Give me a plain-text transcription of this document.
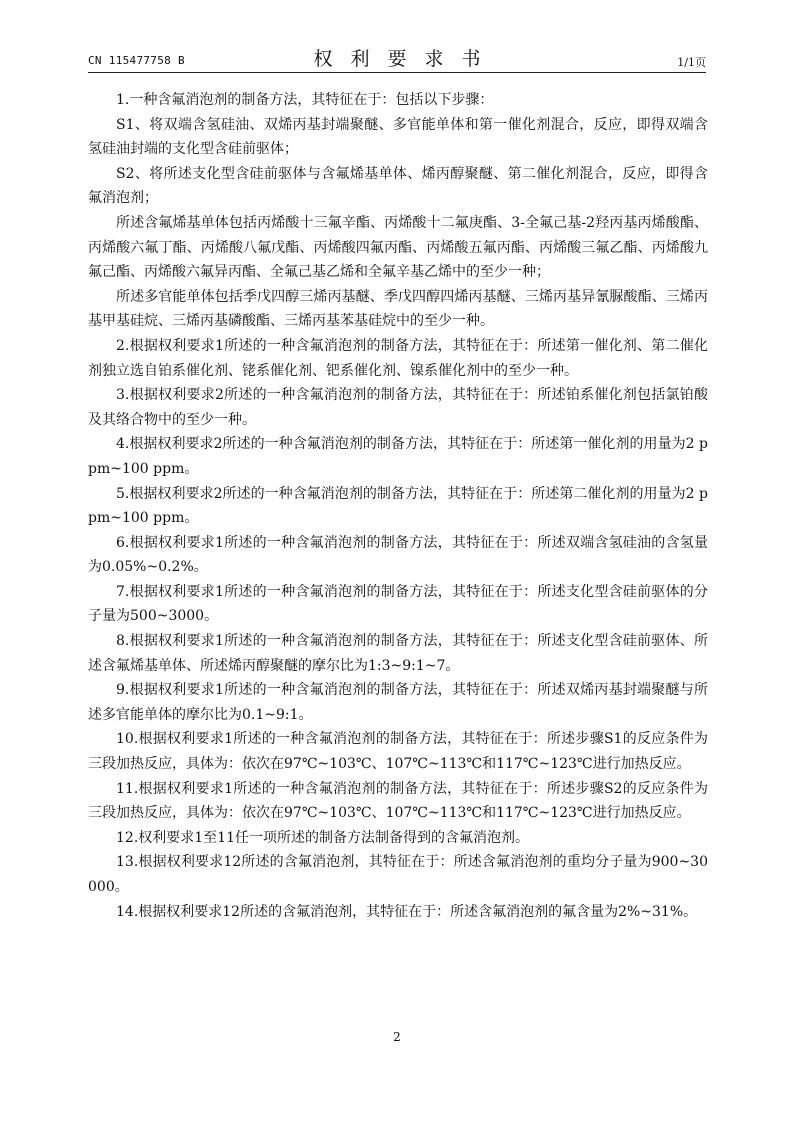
CN 115477758 B	权利要求书	1/1页

1.一种含氟消泡剂的制备方法，其特征在于：包括以下步骤：

S1、将双端含氢硅油、双烯丙基封端聚醚、多官能单体和第一催化剂混合，反应，即得双端含氢硅油封端的支化型含硅前驱体；

S2、将所述支化型含硅前驱体与含氟烯基单体、烯丙醇聚醚、第二催化剂混合，反应，即得含氟消泡剂；

所述含氟烯基单体包括丙烯酸十三氟辛酯、丙烯酸十二氟庚酯、3-全氟己基-2羟丙基丙烯酸酯、丙烯酸六氟丁酯、丙烯酸八氟戊酯、丙烯酸四氟丙酯、丙烯酸五氟丙酯、丙烯酸三氟乙酯、丙烯酸九氟己酯、丙烯酸六氟异丙酯、全氟己基乙烯和全氟辛基乙烯中的至少一种；

所述多官能单体包括季戊四醇三烯丙基醚、季戊四醇四烯丙基醚、三烯丙基异氰脲酸酯、三烯丙基甲基硅烷、三烯丙基磷酸酯、三烯丙基苯基硅烷中的至少一种。

2.根据权利要求1所述的一种含氟消泡剂的制备方法，其特征在于：所述第一催化剂、第二催化剂独立选自铂系催化剂、铑系催化剂、钯系催化剂、镍系催化剂中的至少一种。

3.根据权利要求2所述的一种含氟消泡剂的制备方法，其特征在于：所述铂系催化剂包括氯铂酸及其络合物中的至少一种。

4.根据权利要求2所述的一种含氟消泡剂的制备方法，其特征在于：所述第一催化剂的用量为2 ppm~100 ppm。

5.根据权利要求2所述的一种含氟消泡剂的制备方法，其特征在于：所述第二催化剂的用量为2 ppm~100 ppm。

6.根据权利要求1所述的一种含氟消泡剂的制备方法，其特征在于：所述双端含氢硅油的含氢量为0.05%~0.2%。

7.根据权利要求1所述的一种含氟消泡剂的制备方法，其特征在于：所述支化型含硅前驱体的分子量为500~3000。

8.根据权利要求1所述的一种含氟消泡剂的制备方法，其特征在于：所述支化型含硅前驱体、所述含氟烯基单体、所述烯丙醇聚醚的摩尔比为1:3~9:1~7。

9.根据权利要求1所述的一种含氟消泡剂的制备方法，其特征在于：所述双烯丙基封端聚醚与所述多官能单体的摩尔比为0.1~9:1。

10.根据权利要求1所述的一种含氟消泡剂的制备方法，其特征在于：所述步骤S1的反应条件为三段加热反应，具体为：依次在97℃~103℃、107℃~113℃和117℃~123℃进行加热反应。

11.根据权利要求1所述的一种含氟消泡剂的制备方法，其特征在于：所述步骤S2的反应条件为三段加热反应，具体为：依次在97℃~103℃、107℃~113℃和117℃~123℃进行加热反应。

12.权利要求1至11任一项所述的制备方法制备得到的含氟消泡剂。

13.根据权利要求12所述的含氟消泡剂，其特征在于：所述含氟消泡剂的重均分子量为900~30000。

14.根据权利要求12所述的含氟消泡剂，其特征在于：所述含氟消泡剂的氟含量为2%~31%。

2
